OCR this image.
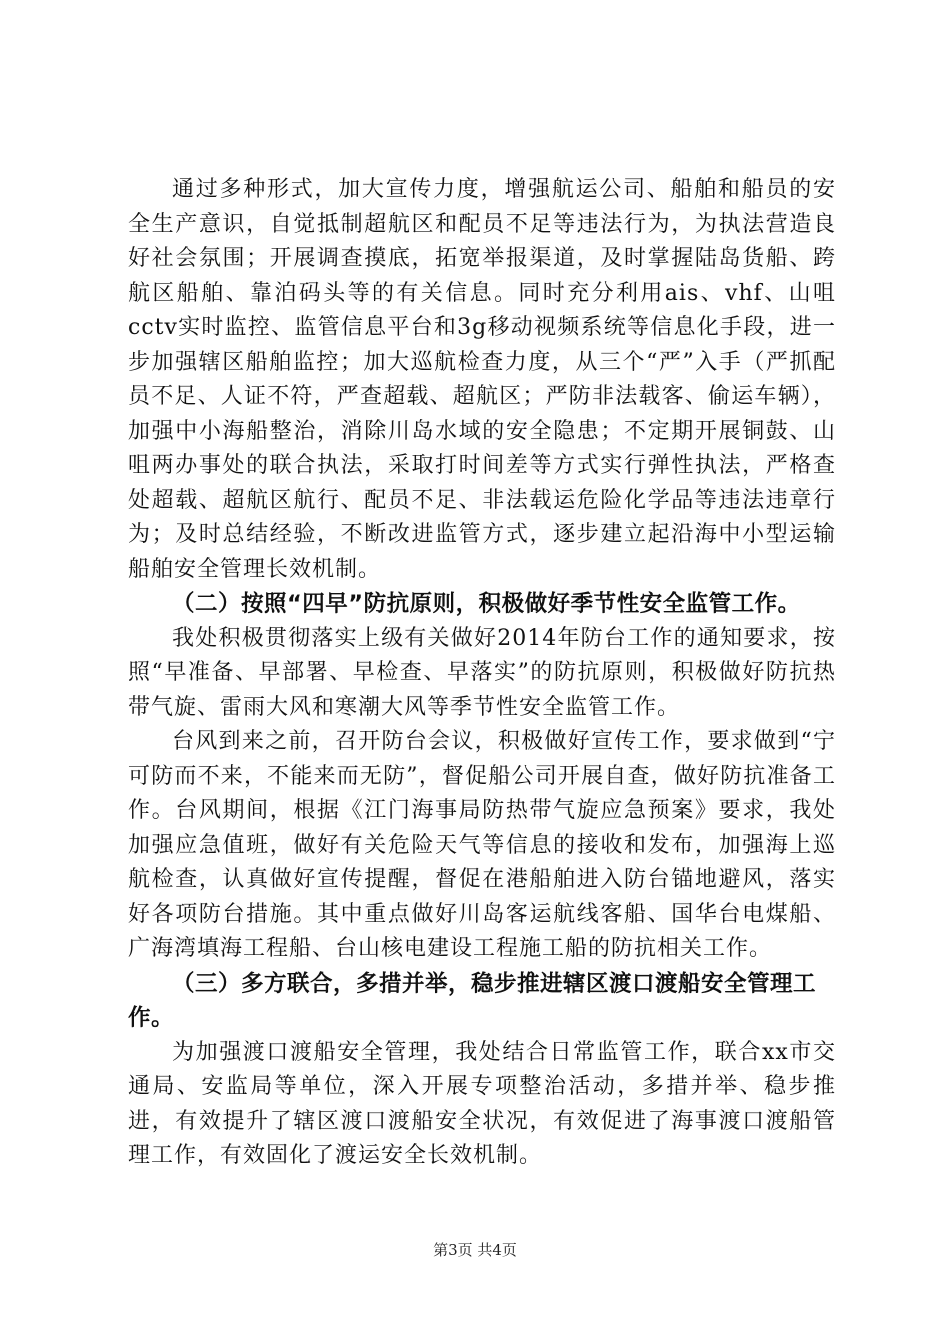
通过多种形式，加大宣传力度，增强航运公司、船舶和船员的安全生产意识，自觉抵制超航区和配员不足等违法行为，为执法营造良好社会氛围；开展调查摸底，拓宽举报渠道，及时掌握陆岛货船、跨航区船舶、靠泊码头等的有关信息。同时充分利用ais、vhf、山咀cctv实时监控、监管信息平台和3g移动视频系统等信息化手段，进一步加强辖区船舶监控；加大巡航检查力度，从三个“严”入手（严抓配员不足、人证不符，严查超载、超航区；严防非法载客、偷运车辆），加强中小海船整治，消除川岛水域的安全隐患；不定期开展铜鼓、山咀两办事处的联合执法，采取打时间差等方式实行弹性执法，严格查处超载、超航区航行、配员不足、非法载运危险化学品等违法违章行为；及时总结经验，不断改进监管方式，逐步建立起沿海中小型运输船舶安全管理长效机制。

（二）按照“四早”防抗原则，积极做好季节性安全监管工作。

我处积极贯彻落实上级有关做好2014年防台工作的通知要求，按照“早准备、早部署、早检查、早落实”的防抗原则，积极做好防抗热带气旋、雷雨大风和寒潮大风等季节性安全监管工作。

台风到来之前，召开防台会议，积极做好宣传工作，要求做到“宁可防而不来，不能来而无防”，督促船公司开展自查，做好防抗准备工作。台风期间，根据《江门海事局防热带气旋应急预案》要求，我处加强应急值班，做好有关危险天气等信息的接收和发布，加强海上巡航检查，认真做好宣传提醒，督促在港船舶进入防台锚地避风，落实好各项防台措施。其中重点做好川岛客运航线客船、国华台电煤船、广海湾填海工程船、台山核电建设工程施工船的防抗相关工作。

（三）多方联合，多措并举，稳步推进辖区渡口渡船安全管理工作。

为加强渡口渡船安全管理，我处结合日常监管工作，联合xx市交通局、安监局等单位，深入开展专项整治活动，多措并举、稳步推进，有效提升了辖区渡口渡船安全状况，有效促进了海事渡口渡船管理工作，有效固化了渡运安全长效机制。

第3页 共4页
